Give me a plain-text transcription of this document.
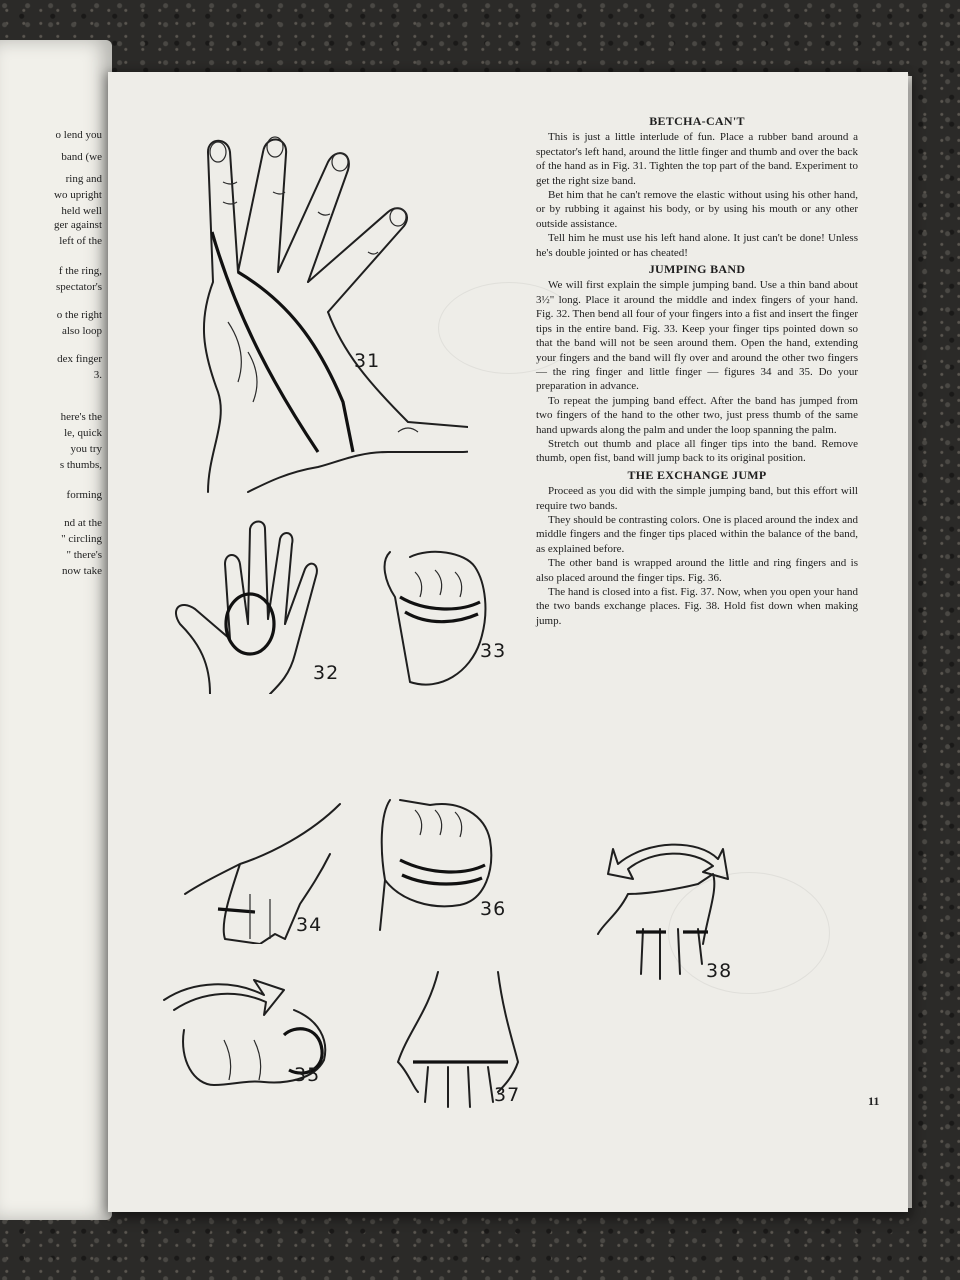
o lend you
band (we
ring and
wo upright
held well
ger against
left of the
f the ring,
spectator's
o the right
also loop
dex finger
3.
here's the
le, quick
you try
s thumbs,
forming
nd at the
" circling
" there's
now take
31
32
33
34
35
36
37
38
BETCHA-CAN'T

This is just a little interlude of fun. Place a rubber band around a spectator's left hand, around the little finger and thumb and over the back of the hand as in Fig. 31. Tighten the top part of the band. Experiment to get the right size band.

Bet him that he can't remove the elastic without using his other hand, or by rubbing it against his body, or by using his mouth or any other outside assistance.

Tell him he must use his left hand alone. It just can't be done! Unless he's double jointed or has cheated!

JUMPING BAND

We will first explain the simple jumping band. Use a thin band about 3½" long. Place it around the middle and index fingers of your hand. Fig. 32. Then bend all four of your fingers into a fist and insert the finger tips in the entire band. Fig. 33. Keep your finger tips pointed down so that the band will not be seen around them. Open the hand, extending your fingers and the band will fly over and around the other two fingers — the ring finger and little finger — figures 34 and 35. Do your preparation in advance.

To repeat the jumping band effect. After the band has jumped from two fingers of the hand to the other two, just press thumb of the same hand upwards along the palm and under the loop spanning the palm.

Stretch out thumb and place all finger tips into the band. Remove thumb, open fist, band will jump back to its original position.

THE EXCHANGE JUMP

Proceed as you did with the simple jumping band, but this effort will require two bands.

They should be contrasting colors. One is placed around the index and middle fingers and the finger tips placed within the balance of the band, as explained before.

The other band is wrapped around the little and ring fingers and is also placed around the finger tips. Fig. 36.

The hand is closed into a fist. Fig. 37. Now, when you open your hand the two bands exchange places. Fig. 38. Hold fist down when making jump.

11
